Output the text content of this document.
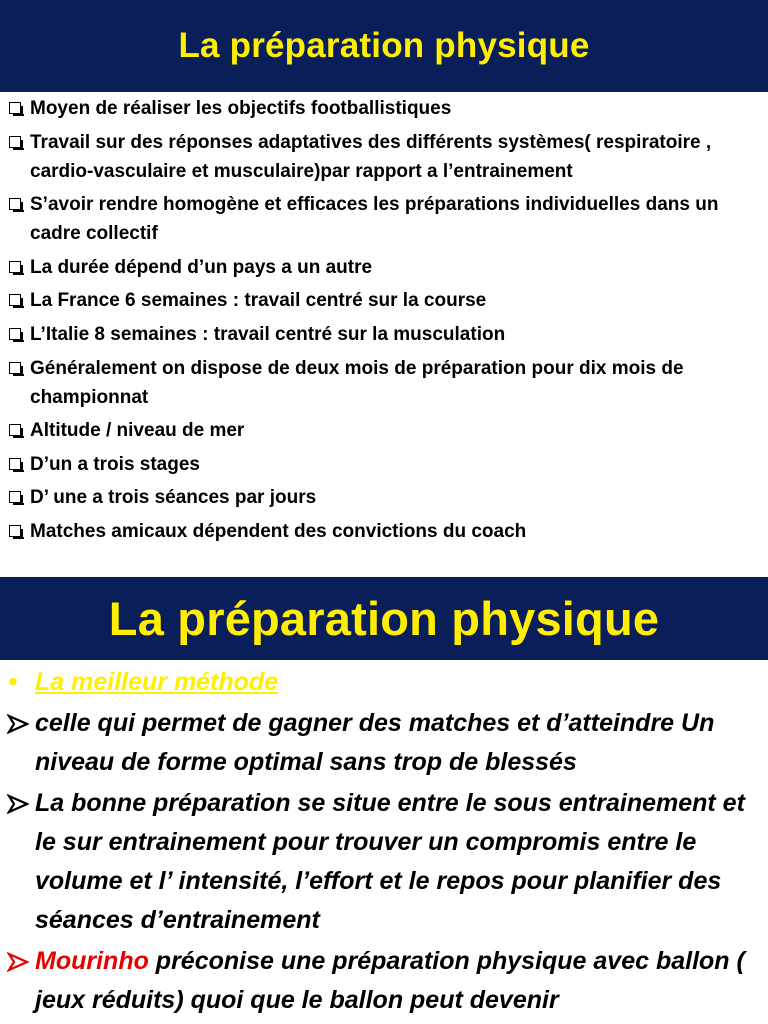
La préparation physique
Moyen de réaliser les objectifs footballistiques
Travail sur des réponses adaptatives des différents systèmes( respiratoire , cardio-vasculaire et musculaire)par rapport a l’entrainement
S’avoir rendre homogène et efficaces les préparations individuelles dans un cadre collectif
La durée dépend d’un pays a un autre
La France 6 semaines : travail centré sur la course
L’Italie 8 semaines : travail centré sur la musculation
Généralement on dispose de deux mois de préparation pour dix mois de championnat
Altitude / niveau de mer
D’un a trois stages
D’ une a trois séances par jours
Matches amicaux dépendent des convictions du coach
La préparation physique
• La meilleur méthode
celle qui permet de gagner des matches et d’atteindre Un niveau de forme optimal sans trop de blessés
La bonne préparation se situe entre le sous entrainement et le sur entrainement pour trouver un compromis entre le volume et l’ intensité, l’effort et le repos pour planifier des séances d’entrainement
Mourinho préconise une préparation physique avec ballon ( jeux réduits) quoi que le ballon peut devenir
